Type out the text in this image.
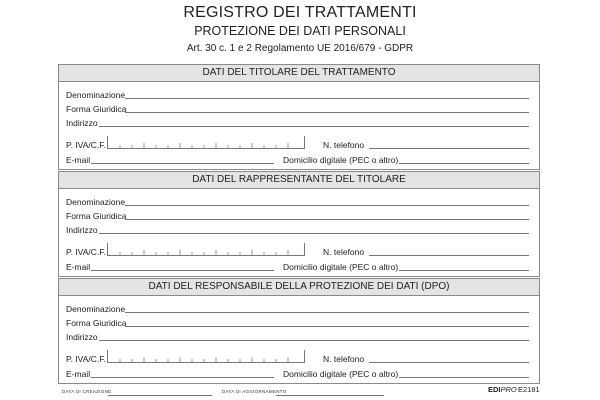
REGISTRO DEI TRATTAMENTI
PROTEZIONE DEI DATI PERSONALI
Art. 30 c. 1 e 2 Regolamento UE 2016/679 - GDPR
DATI DEL TITOLARE DEL TRATTAMENTO
Denominazione
Forma Giuridica
Indirizzo
P. IVA/C.F.	N. telefono
E-mail	Domicilio digitale (PEC o altro)
DATI DEL RAPPRESENTANTE DEL TITOLARE
Denominazione
Forma Giuridica
Indirizzo
P. IVA/C.F.	N. telefono
E-mail	Domicilio digitale (PEC o altro)
DATI DEL RESPONSABILE DELLA PROTEZIONE DEI DATI (DPO)
Denominazione
Forma Giuridica
Indirizzo
P. IVA/C.F.	N. telefono
E-mail	Domicilio digitale (PEC o altro)
DATA DI CREAZIONE	DATA DI AGGIORNAMENTO	EDIPRO E2181
